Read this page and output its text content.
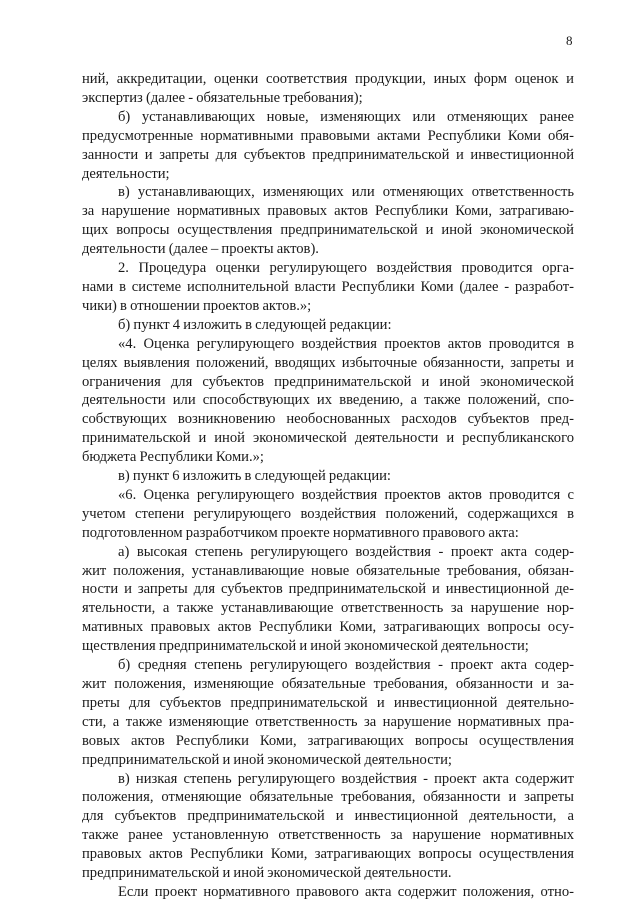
8

ний, аккредитации, оценки соответствия продукции, иных форм оценок и

экспертиз (далее - обязательные требования);

б) устанавливающих новые, изменяющих или отменяющих ранее

предусмотренные нормативными правовыми актами Республики Коми обя-

занности и запреты для субъектов предпринимательской и инвестиционной

деятельности;

в) устанавливающих, изменяющих или отменяющих ответственность

за нарушение нормативных правовых актов Республики Коми, затрагиваю-

щих вопросы осуществления предпринимательской и иной экономической

деятельности (далее – проекты актов).

2. Процедура оценки регулирующего воздействия проводится орга-

нами в системе исполнительной власти Республики Коми (далее - разработ-

чики) в отношении проектов актов.»;

б) пункт 4 изложить в следующей редакции:

«4. Оценка регулирующего воздействия проектов актов проводится в

целях выявления положений, вводящих избыточные обязанности, запреты и

ограничения для субъектов предпринимательской и иной экономической

деятельности или способствующих их введению, а также положений, спо-

собствующих возникновению необоснованных расходов субъектов пред-

принимательской и иной экономической деятельности и республиканского

бюджета Республики Коми.»;

в) пункт 6 изложить в следующей редакции:

«6. Оценка регулирующего воздействия проектов актов проводится с

учетом степени регулирующего воздействия положений, содержащихся в

подготовленном разработчиком проекте нормативного правового акта:

а) высокая степень регулирующего воздействия - проект акта содер-

жит положения, устанавливающие новые обязательные требования, обязан-

ности и запреты для субъектов предпринимательской и инвестиционной де-

ятельности, а также устанавливающие ответственность за нарушение нор-

мативных правовых актов Республики Коми, затрагивающих вопросы осу-

ществления предпринимательской и иной экономической деятельности;

б) средняя степень регулирующего воздействия - проект акта содер-

жит положения, изменяющие обязательные требования, обязанности и за-

преты для субъектов предпринимательской и инвестиционной деятельно-

сти, а также изменяющие ответственность за нарушение нормативных пра-

вовых актов Республики Коми, затрагивающих вопросы осуществления

предпринимательской и иной экономической деятельности;

в) низкая степень регулирующего воздействия - проект акта содержит

положения, отменяющие обязательные требования, обязанности и запреты

для субъектов предпринимательской и инвестиционной деятельности, а

также ранее установленную ответственность за нарушение нормативных

правовых актов Республики Коми, затрагивающих вопросы осуществления

предпринимательской и иной экономической деятельности.

Если проект нормативного правового акта содержит положения, отно-
